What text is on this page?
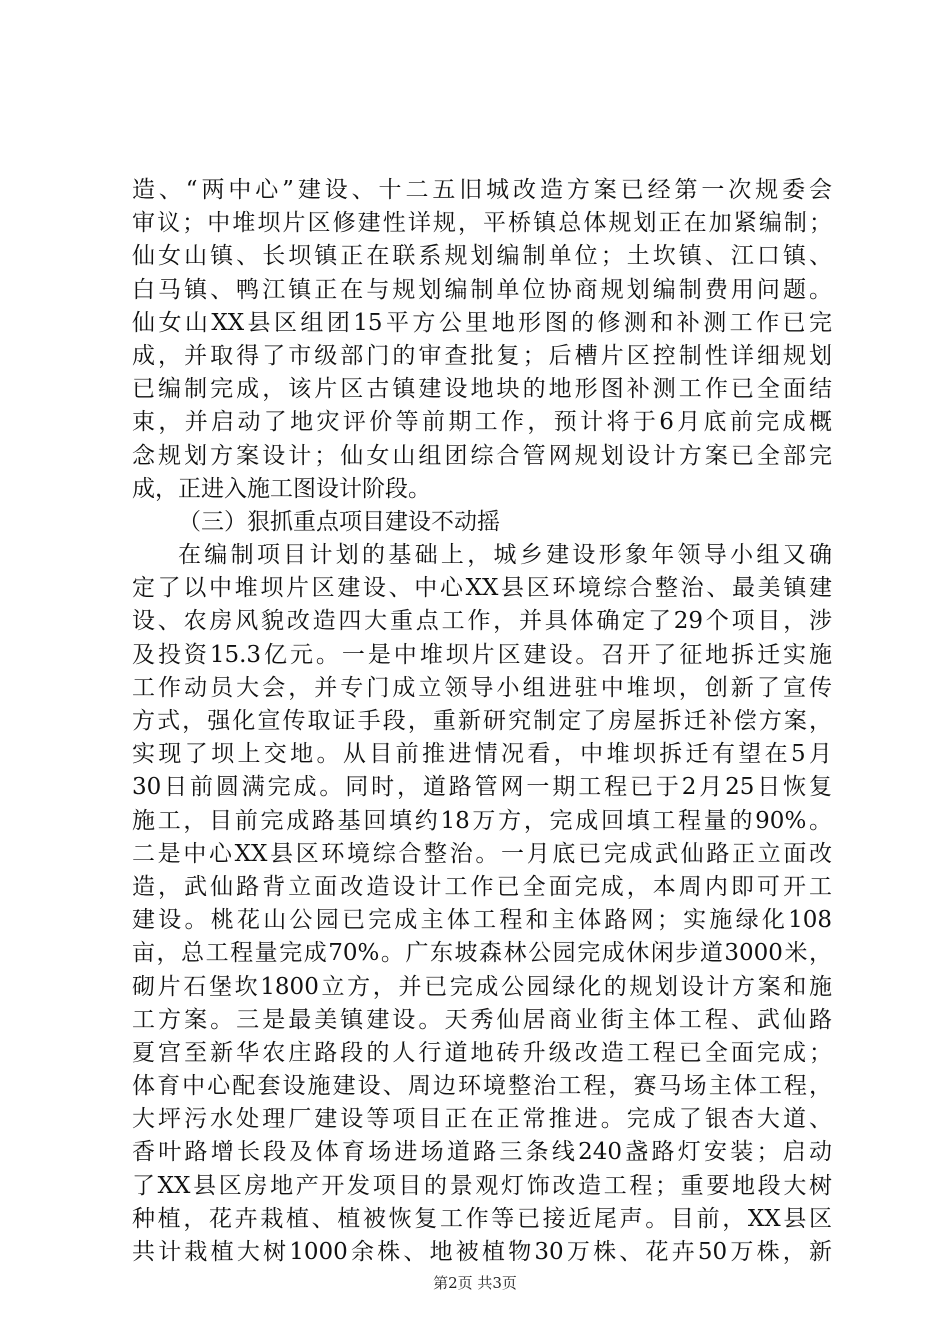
造、“两中心”建设、十二五旧城改造方案已经第一次规委会
审议；中堆坝片区修建性详规，平桥镇总体规划正在加紧编制；
仙女山镇、长坝镇正在联系规划编制单位；土坎镇、江口镇、
白马镇、鸭江镇正在与规划编制单位协商规划编制费用问题。
仙女山XX县区组团15平方公里地形图的修测和补测工作已完
成，并取得了市级部门的审查批复；后槽片区控制性详细规划
已编制完成，该片区古镇建设地块的地形图补测工作已全面结
束，并启动了地灾评价等前期工作，预计将于6月底前完成概
念规划方案设计；仙女山组团综合管网规划设计方案已全部完
成，正进入施工图设计阶段。
（三）狠抓重点项目建设不动摇
在编制项目计划的基础上，城乡建设形象年领导小组又确
定了以中堆坝片区建设、中心XX县区环境综合整治、最美镇建
设、农房风貌改造四大重点工作，并具体确定了29个项目，涉
及投资15.3亿元。一是中堆坝片区建设。召开了征地拆迁实施
工作动员大会，并专门成立领导小组进驻中堆坝，创新了宣传
方式，强化宣传取证手段，重新研究制定了房屋拆迁补偿方案，
实现了坝上交地。从目前推进情况看，中堆坝拆迁有望在5月
30日前圆满完成。同时，道路管网一期工程已于2月25日恢复
施工，目前完成路基回填约18万方，完成回填工程量的90%。
二是中心XX县区环境综合整治。一月底已完成武仙路正立面改
造，武仙路背立面改造设计工作已全面完成，本周内即可开工
建设。桃花山公园已完成主体工程和主体路网；实施绿化108
亩，总工程量完成70%。广东坡森林公园完成休闲步道3000米，
砌片石堡坎1800立方，并已完成公园绿化的规划设计方案和施
工方案。三是最美镇建设。天秀仙居商业街主体工程、武仙路
夏宫至新华农庄路段的人行道地砖升级改造工程已全面完成；
体育中心配套设施建设、周边环境整治工程，赛马场主体工程，
大坪污水处理厂建设等项目正在正常推进。完成了银杏大道、
香叶路增长段及体育场进场道路三条线240盏路灯安装；启动
了XX县区房地产开发项目的景观灯饰改造工程；重要地段大树
种植，花卉栽植、植被恢复工作等已接近尾声。目前，XX县区
共计栽植大树1000余株、地被植物30万株、花卉50万株，新
第2页 共3页
